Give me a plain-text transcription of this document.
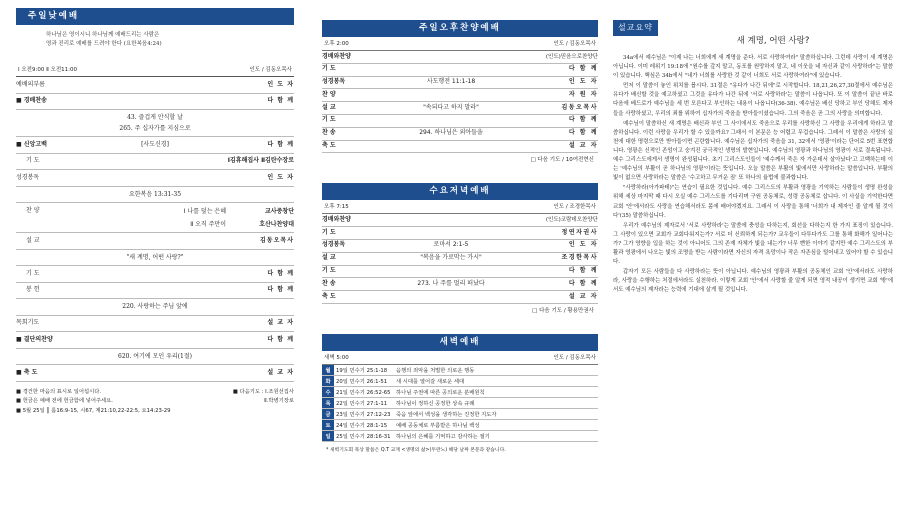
주일낮예배
하나님은 영이시니 하나님께 예배드리는 사람은
영과 진리로 예배를 드려야 한다 (요한복음4:24)
Ⅰ 오전9:00 Ⅱ 오전11:00	인도 / 김동오목사
예배의부름	인 도 자
■ 경배찬송	다 함 께
43. 즐겁게 안식할 날
265. 주 십자가를 지심으로
■ 신앙고백	[사도신경]	다 함 께
기 도	Ⅰ김휴해집사 Ⅱ김탄수장로
성경봉독	인 도 자
요한복음 13:31-35
찬 양	Ⅰ 나를 덮는 은혜	교사중창단
Ⅱ 오직 주만이	호산나찬양대
설 교	김동오목사
"새 계명, 어떤 사랑?"
기 도	다 함 께
봉 헌	다 함 께
220. 사랑하는 주님 앞에
목회기도	설 교 자
■ 결단의찬양	다 함 께
620. 여기에 모인 우리(1절)
■ 축 도	설 교 자
■ 경건한 마음의 표시로 일어섭시다.	■ 다음기도 : Ⅰ.조원선집사
■ 헌금은 예배 전에 헌금함에 넣어주세요.	Ⅱ.박병기장로
■ 5월 25일 ┃ 롬16:9-15, 시67, 계21:10,22-22:5, 요14:23-29
주일오후찬양예배
오후 2:00	인도 / 김동오목사
경배와찬양	(인도)믿음으로찬양단
기 도	다 함 께
성경봉독	사도행전 11:1-18	인 도 자
찬 양	자 원 자
설 교	"속되다고 하지 말라"	김동오목사
기 도	다 함 께
찬 송	294. 하나님은 외아들을	다 함 께
축 도	설 교 자
□ 다음 기도 / 10여전현신
수요저녁예배
오후 7:15	인도 / 조경한목사
경배와찬양	(인도)코람데오찬양단
기 도	정연자권사
성경봉독	로마서 2:1-5	인 도 자
설 교	"복음을 가로막는 가시"	조경한목사
기 도	다 함 께
찬 송	273. 나 주를 멀리 떠났다	다 함 께
축 도	설 교 자
□ 다음 기도 / 황용만권사
새벽예배
새벽 5:00	인도 / 김동오목사
월	19일 민수기 25:1-18	음행의 죄악을 처벌한 의로운 행동
화	20일 민수기 26:1-51	새 시대를 열어갈 새로운 세대
수	21일 민수기 26:52-65	하나님 주권에 따른 공의로운 분배원칙
목	22일 민수기 27:1-11	하나님이 정하신 공정한 상속 규례
금	23일 민수기 27:12-23	죽음 앞에서 백성을 생각하는 진정한 지도자
토	24일 민수기 28:1-15	예배 공동체로 부름받은 하나님 백성
일	25일 민수기 28:16-31	하나님의 은혜를 기억하고 감사하는 절기
* 새벽기도회 묵상 말씀은 Q.T 교재 <생명의 삶>(두란노) 해당 날짜 본문과 같습니다.
설교요약
새 계명, 어떤 사랑?

34a에서 예수님은 "이제 나는 너희에게 새 계명을 준다. 서로 사랑하여라" 말씀하십니다. 그런데 사랑이 새 계명은 아닙니다. 이미 레위기 19:18에 "원수를 갚지 말고, 동포를 원망하지 말고, 네 이웃을 네 자신과 같이 사랑하라"는 말씀이 있습니다. 핵심은 34b에서 "내가 너희를 사랑한 것 같이 너희도 서로 사랑하여라"에 있습니다.

먼저 이 말씀이 놓인 위치를 봅시다. 31절은 "유다가 나간 뒤에"로 시작합니다. 18,21,26,27,30절에서 예수님은 유다가 배신할 것을 예고하셨고 그것을 유다가 나간 뒤에 '서로 사랑하라'는 말씀이 나옵니다. 또 이 말씀이 끝난 바로 다음에 베드로가 예수님을 세 번 모른다고 부인하는 내용이 나옵니다(36-38). 예수님은 배신 당하고 부인 당해도 제자들을 사랑하셨고, 우리의 죄를 위하여 십자가의 죽음을 받아들이셨습니다. 그의 죽음은 곧 그의 사랑을 의미합니다.

예수님이 말씀하신 새 계명은 배신과 부인 그 사이에서도 죽음으로 우리를 사랑하신 그 사랑을 우리에게 하라고 말씀하십니다. 이런 사랑을 우리가 할 수 있을까요? 그래서 이 본문은 능 어렵고 무겁습니다. 그래서 이 말씀은 사랑의 실천에 대한 명령으로만 받아들이면 곤란합니다. 예수님은 십자가의 죽음을 31, 32에서 '영광'이라는 단어로 5번 표현합니다. 영광은 신적인 존엄이고 숭겨진 궁극적인 생명의 발현입니다. 예수님의 영광과 하나님의 영광이 서로 결속됩니다. 예수 그리스도에게서 생명이 완성됩니다. 초기 그리스도인들이 '예수께서 죽은 자 가운데서 살아났다'고 고백하는데 이는 '예수님의 부활이 곧 하나님의 영광'이라는 뜻입니다. 오늘 말씀은 부활의 빛에서만 사랑하라는 말씀입니다. 부활의 빛이 없으면 사랑하라는 말씀은 '수고하고 무거운 짐' 또 하나의 율법에 불과합니다.

"사랑하라(아가파테)"는 연습이 필요한 것입니다. 예수 그리스도의 부활과 영광을 기억하는 사람들이 생명 완성을 위해 세상 마지막 때 다시 오실 예수 그리스도를 기다리며 구원 공동체로, 성령 공동체로 삽니다. 이 사실을 기억한다면 교회 '안'에서라도 사랑을 연습해서라도 몸에 배어야겠지요. 그래서 이 사랑을 통해 '너희가 내 제자인 줄 알게 될 것이다'(35) 말씀하십니다.

우리가 예수님의 제자로서 '서로 사랑하라'는 말씀에 충성을 다하는지, 회선을 다하는지 한 가지 표징이 있습니다. 그 사랑이 있으면 교회가 교회다워지는가? 서로 더 신뢰하게 되는가? 교우들이 다투다가도 그를 통해 화해가 일어나는가? 그가 영향을 입을 하는 것이 아니어도 그의 존재 자체가 빛을 내는가? 너무 뻔한 이야기 같지만 예수 그리스도의 부활과 영광에서 나오는 빛의 조명을 받는 사람이라면 자신의 자격 욕망이나 작은 자존심을 털어내고 있어야 할 수 있습니다.

갑자기 모든 사람들을 다 사랑하라는 뜻이 아닙니다. 예수님의 영광과 부활의 공동체인 교회 '안'에서라도 사랑하라, 사랑을 수행하는 처절에서라도 실천하라. 이렇게 교회 '안'에서 사랑할 줄 알게 되면 영적 내공이 생기면 교회 '밖'에서도 예수님의 제자라는 능력에 기대에 살게 될 것입니다.
